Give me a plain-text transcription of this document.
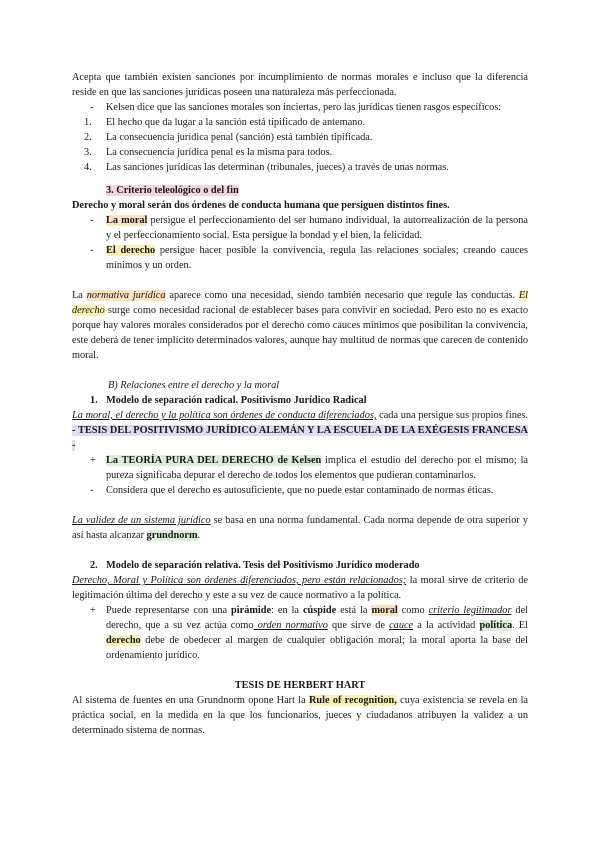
Acepta que también existen sanciones por incumplimiento de normas morales e incluso que la diferencia reside en que las sanciones jurídicas poseen una naturaleza más perfeccionada.

-	Kelsen dice que las sanciones morales son inciertas, pero las jurídicas tienen rasgos específicos:
1.	El hecho que da lugar a la sanción está tipificado de antemano.
2.	La consecuencia jurídica penal (sanción) está también tipificada.
3.	La consecuencia jurídica penal es la misma para todos.
4.	Las sanciones jurídicas las determinan (tribunales, jueces) a través de unas normas.

3. Criterio teleológico o del fin

Derecho y moral serán dos órdenes de conducta humana que persiguen distintos fines.

-	La moral persigue el perfeccionamiento del ser humano individual, la autorrealización de la persona y el perfeccionamiento social. Esta persigue la bondad y el bien, la felicidad.
-	El derecho persigue hacer posible la convivencia, regula las relaciones sociales; creando cauces mínimos y un orden.

La normativa jurídica aparece como una necesidad, siendo también necesario que regule las conductas. El derecho surge como necesidad racional de establecer bases para convivir en sociedad. Pero esto no es exacto porque hay valores morales considerados por el derecho como cauces mínimos que posibilitan la convivencia, este deberá de tener implícito determinados valores, aunque hay multitud de normas que carecen de contenido moral.

B) Relaciones entre el derecho y la moral

1. Modelo de separación radical. Positivismo Jurídico Radical

La moral, el derecho y la política son órdenes de conducta diferenciados, cada una persigue sus propios fines. - TESIS DEL POSITIVISMO JURÍDICO ALEMÁN Y LA ESCUELA DE LA EXÉGESIS FRANCESA -

+ La TEORÍA PURA DEL DERECHO de Kelsen implica el estudio del derecho por el mismo; la pureza significaba depurar el derecho de todos los elementos que pudieran contaminarlos.
-	Considera que el derecho es autosuficiente, que no puede estar contaminado de normas éticas.

La validez de un sistema jurídico se basa en una norma fundamental. Cada norma depende de otra superior y así hasta alcanzar grundnorm.

2. Modelo de separación relativa. Tesis del Positivismo Jurídico moderado

Derecho, Moral y Política son órdenes diferenciados, pero están relacionados; la moral sirve de criterio de legitimación última del derecho y este a su vez de cauce normativo a la política.

+ Puede representarse con una pirámide: en la cúspide está la moral como criterio legitimador del derecho, que a su vez actúa como orden normativo que sirve de cauce a la actividad política. El derecho debe de obedecer al margen de cualquier obligación moral; la moral aporta la base del ordenamiento jurídico.

TESIS DE HERBERT HART

Al sistema de fuentes en una Grundnorm opone Hart la Rule of recognition, cuya existencia se revela en la práctica social, en la medida en la que los funcionarios, jueces y ciudadanos atribuyen la validez a un determinado sistema de normas.
